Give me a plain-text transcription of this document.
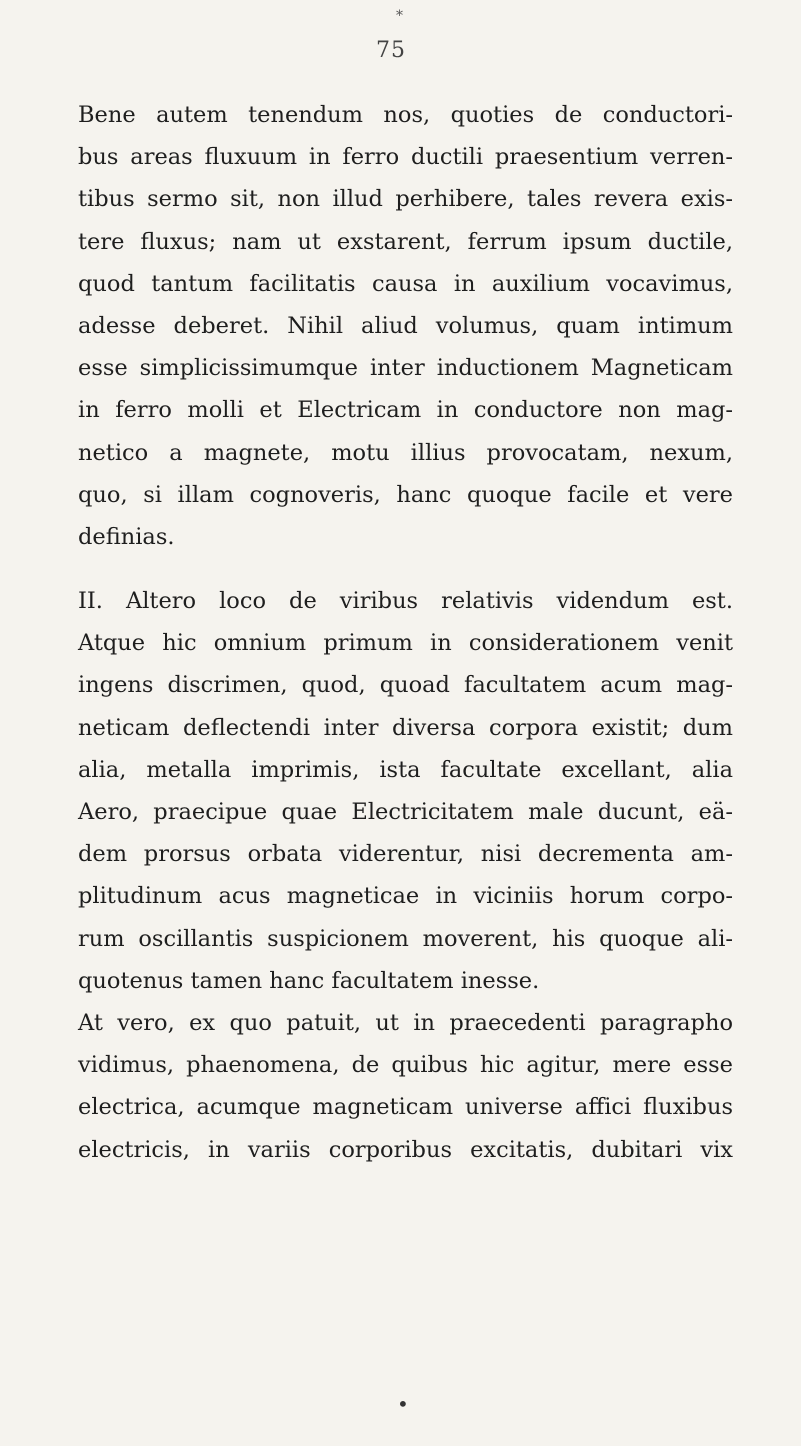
*
75
Bene autem tenendum nos, quoties de conductori-
bus areas fluxuum in ferro ductili praesentium verren-
tibus sermo sit, non illud perhibere, tales revera exis-
tere fluxus; nam ut exstarent, ferrum ipsum ductile,
quod tantum facilitatis causa in auxilium vocavimus,
adesse deberet. Nihil aliud volumus, quam intimum
esse simplicissimumque inter inductionem Magneticam
in ferro molli et Electricam in conductore non mag-
netico a magnete, motu illius provocatam, nexum,
quo, si illam cognoveris, hanc quoque facile et vere
definias.
II. Altero loco de viribus relativis videndum est.
Atque hic omnium primum in considerationem venit
ingens discrimen, quod, quoad facultatem acum mag-
neticam deflectendi inter diversa corpora existit; dum
alia, metalla imprimis, ista facultate excellant, alia
Aero, praecipue quae Electricitatem male ducunt, eä-
dem prorsus orbata viderentur, nisi decrementa am-
plitudinum acus magneticae in viciniis horum corpo-
rum oscillantis suspicionem moverent, his quoque ali-
quotenus tamen hanc facultatem inesse.
At vero, ex quo patuit, ut in praecedenti paragrapho
vidimus, phaenomena, de quibus hic agitur, mere esse
electrica, acumque magneticam universe affici fluxibus
electricis, in variis corporibus excitatis, dubitari vix
•
